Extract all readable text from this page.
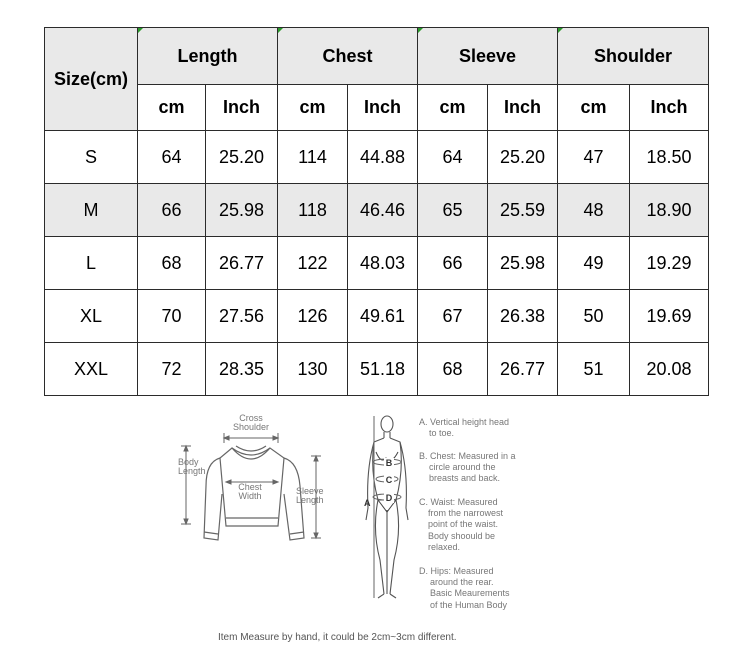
Size(cm)	Length		Chest		Sleeve		Shoulder	
	cm	Inch	cm	Inch	cm	Inch	cm	Inch
S	64	25.20	114	44.88	64	25.20	47	18.50
M	66	25.98	118	46.46	65	25.59	48	18.90
L	68	26.77	122	48.03	66	25.98	49	19.29
XL	70	27.56	126	49.61	67	26.38	50	19.69
XXL	72	28.35	130	51.18	68	26.77	51	20.08
Cross
Shoulder
Body
Length
Chest
Width	Sleeve
Length
B
C
D
A
A. Vertical height head
to toe.
B. Chest: Measured in a
circle around the
breasts and back.
C. Waist: Measured
from the narrowest
point of the waist.
Body shoould be
relaxed.
D. Hips: Measured
around the rear.
Basic Meaurements
of the Human Body
Item Measure by hand, it could be 2cm~3cm different.
